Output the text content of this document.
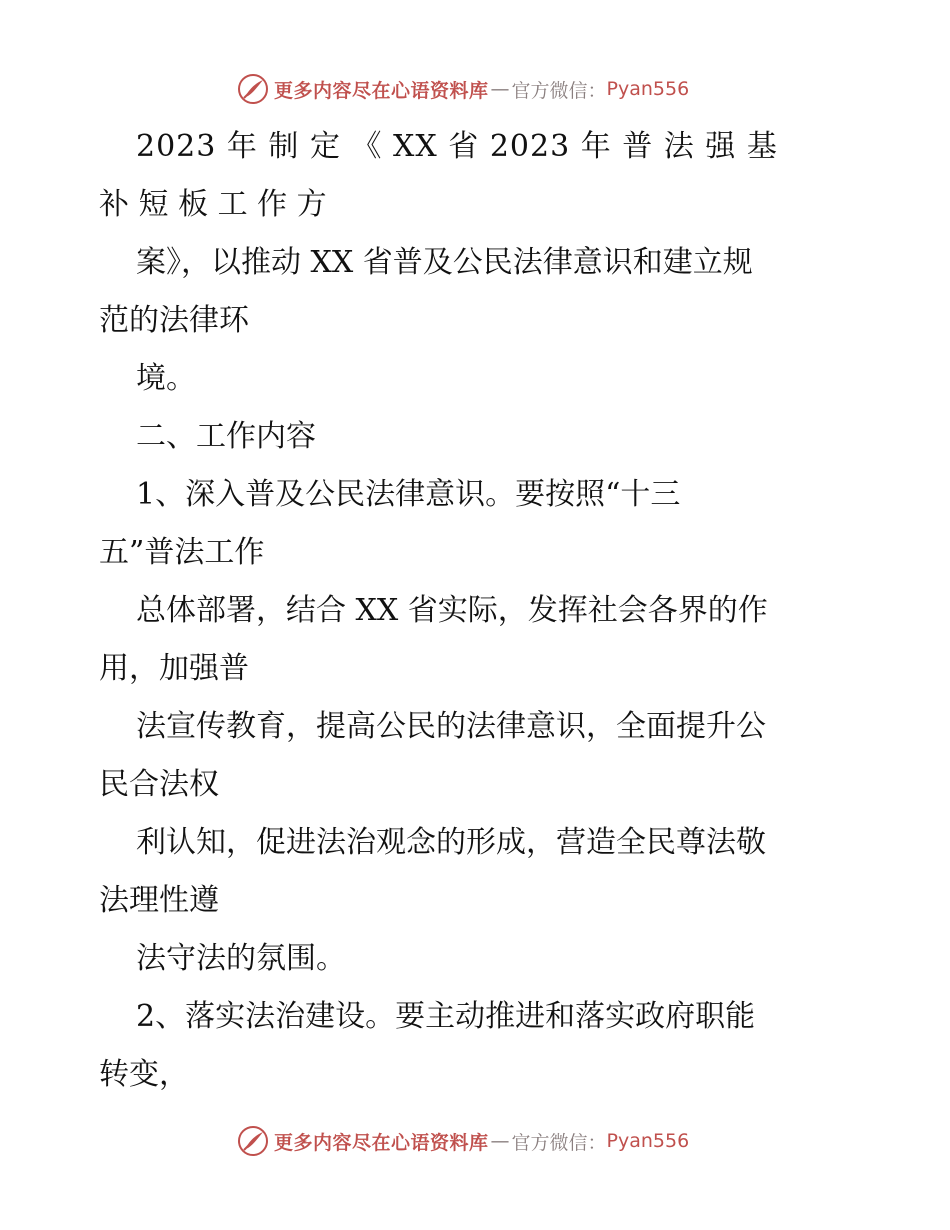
更多内容尽在心语资料库 — 官方微信： Pyan556
2023 年 制 定 《 XX 省 2023 年 普 法 强 基
补 短 板 工 作 方
案》，以推动 XX 省普及公民法律意识和建立规
范的法律环
境。
二、工作内容
1、深入普及公民法律意识。要按照“十三
五”普法工作
总体部署，结合 XX 省实际，发挥社会各界的作
用，加强普
法宣传教育，提高公民的法律意识，全面提升公
民合法权
利认知，促进法治观念的形成，营造全民尊法敬
法理性遵
法守法的氛围。
2、落实法治建设。要主动推进和落实政府职能
转变，
更多内容尽在心语资料库 — 官方微信： Pyan556
